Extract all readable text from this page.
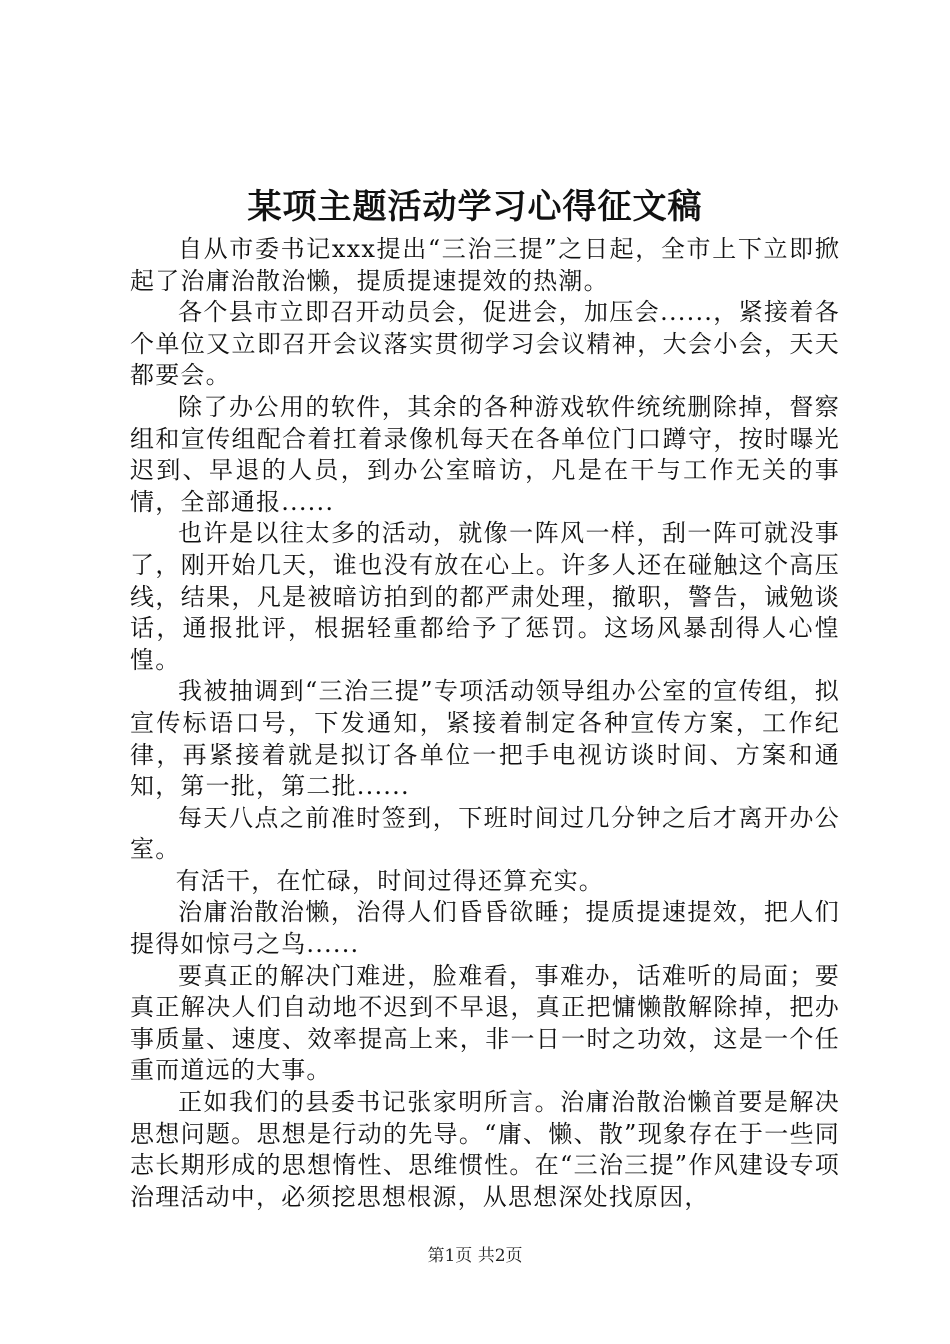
某项主题活动学习心得征文稿

自从市委书记xxx提出“三治三提”之日起，全市上下立即掀起了治庸治散治懒，提质提速提效的热潮。

各个县市立即召开动员会，促进会，加压会......，紧接着各个单位又立即召开会议落实贯彻学习会议精神，大会小会，天天都要会。

除了办公用的软件，其余的各种游戏软件统统删除掉，督察组和宣传组配合着扛着录像机每天在各单位门口蹲守，按时曝光迟到、早退的人员，到办公室暗访，凡是在干与工作无关的事情，全部通报......

也许是以往太多的活动，就像一阵风一样，刮一阵可就没事了，刚开始几天，谁也没有放在心上。许多人还在碰触这个高压线，结果，凡是被暗访拍到的都严肃处理，撤职，警告，诫勉谈话，通报批评，根据轻重都给予了惩罚。这场风暴刮得人心惶惶。

我被抽调到“三治三提”专项活动领导组办公室的宣传组，拟宣传标语口号，下发通知，紧接着制定各种宣传方案，工作纪律，再紧接着就是拟订各单位一把手电视访谈时间、方案和通知，第一批，第二批......

每天八点之前准时签到，下班时间过几分钟之后才离开办公室。

有活干，在忙碌，时间过得还算充实。

治庸治散治懒，治得人们昏昏欲睡；提质提速提效，把人们提得如惊弓之鸟......

要真正的解决门难进，脸难看，事难办，话难听的局面；要真正解决人们自动地不迟到不早退，真正把慵懒散解除掉，把办事质量、速度、效率提高上来，非一日一时之功效，这是一个任重而道远的大事。

正如我们的县委书记张家明所言。治庸治散治懒首要是解决思想问题。思想是行动的先导。“庸、懒、散”现象存在于一些同志长期形成的思想惰性、思维惯性。在“三治三提”作风建设专项治理活动中，必须挖思想根源，从思想深处找原因，

第1页 共2页
